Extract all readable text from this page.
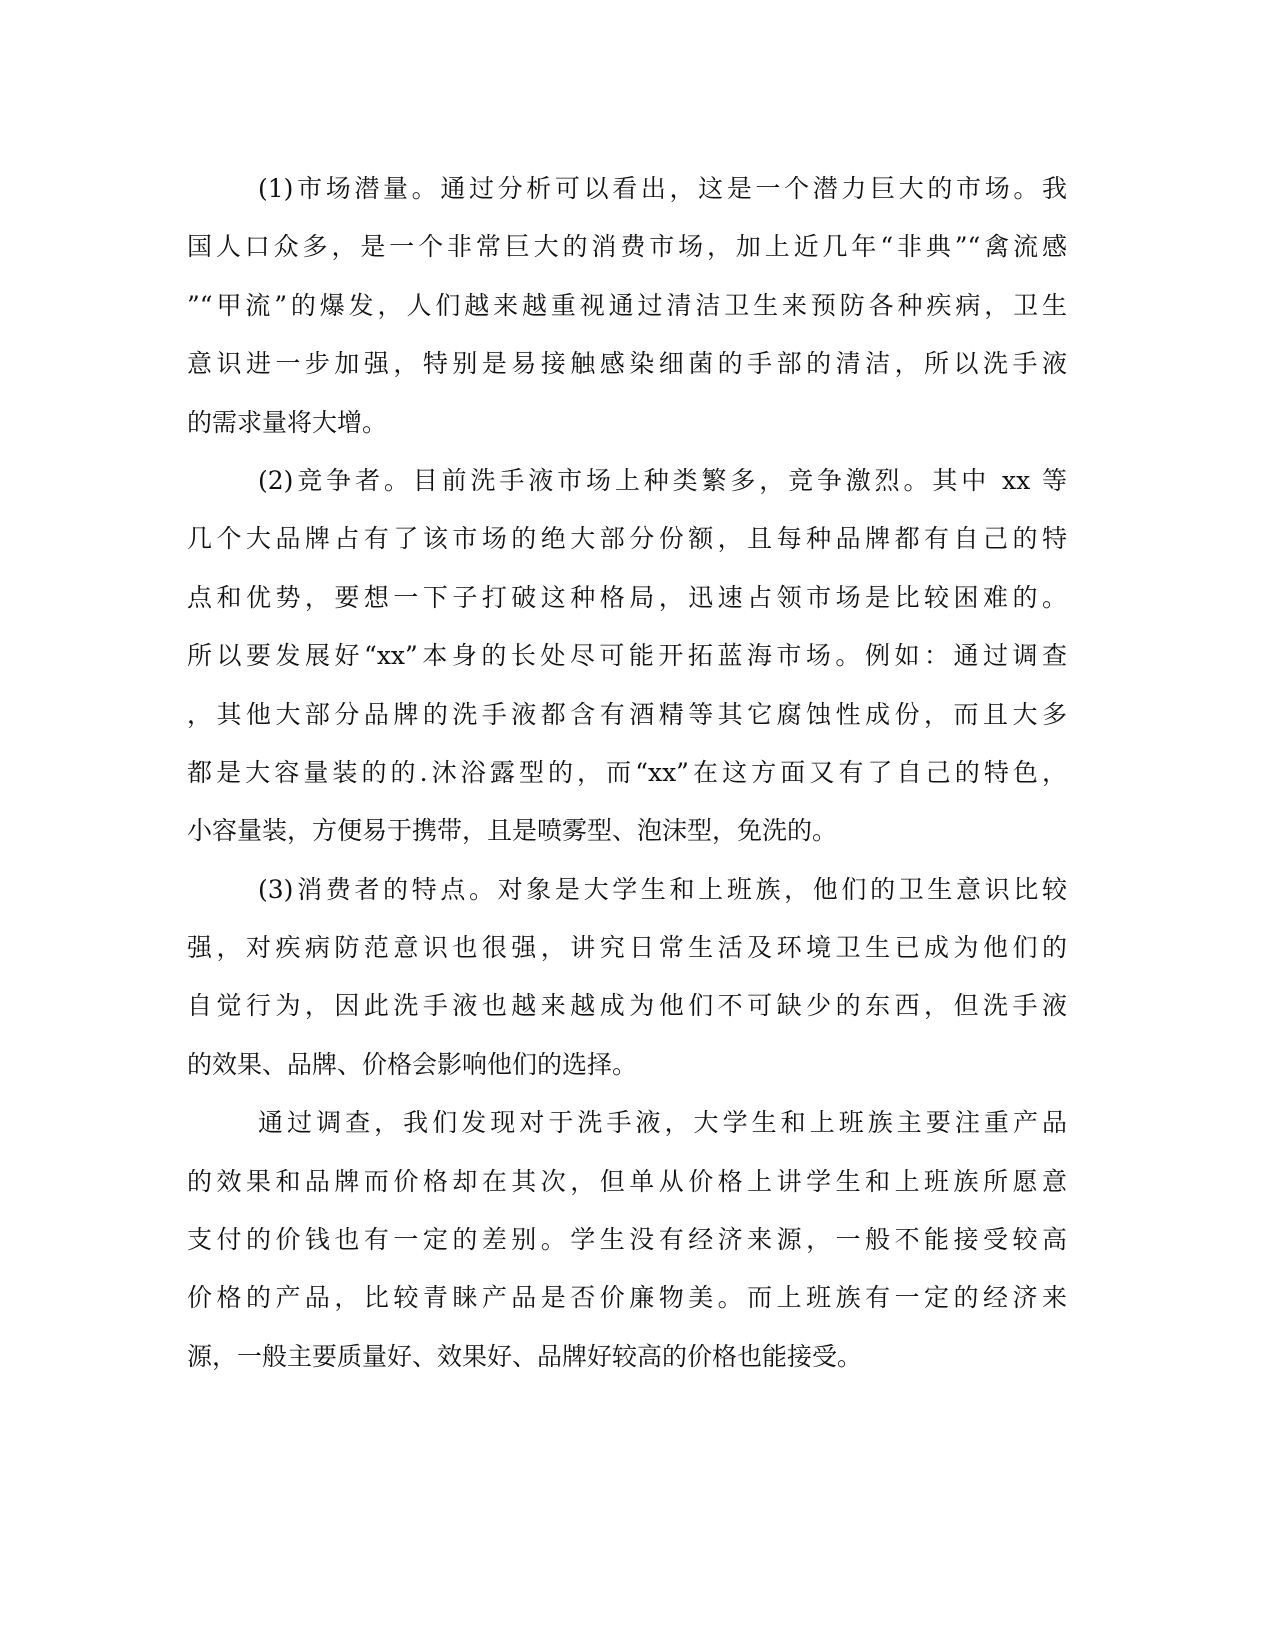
(1)市场潜量。通过分析可以看出，这是一个潜力巨大的市场。我
国人口众多，是一个非常巨大的消费市场，加上近几年“非典”“禽流感
”“甲流”的爆发，人们越来越重视通过清洁卫生来预防各种疾病，卫生
意识进一步加强，特别是易接触感染细菌的手部的清洁，所以洗手液
的需求量将大增。
(2)竞争者。目前洗手液市场上种类繁多，竞争激烈。其中 xx 等
几个大品牌占有了该市场的绝大部分份额，且每种品牌都有自己的特
点和优势，要想一下子打破这种格局，迅速占领市场是比较困难的。
所以要发展好“xx”本身的长处尽可能开拓蓝海市场。例如：通过调查
，其他大部分品牌的洗手液都含有酒精等其它腐蚀性成份，而且大多
都是大容量装的的.沐浴露型的，而“xx”在这方面又有了自己的特色，
小容量装，方便易于携带，且是喷雾型、泡沫型，免洗的。
(3)消费者的特点。对象是大学生和上班族，他们的卫生意识比较
强，对疾病防范意识也很强，讲究日常生活及环境卫生已成为他们的
自觉行为，因此洗手液也越来越成为他们不可缺少的东西，但洗手液
的效果、品牌、价格会影响他们的选择。
通过调查，我们发现对于洗手液，大学生和上班族主要注重产品
的效果和品牌而价格却在其次，但单从价格上讲学生和上班族所愿意
支付的价钱也有一定的差别。学生没有经济来源，一般不能接受较高
价格的产品，比较青睐产品是否价廉物美。而上班族有一定的经济来
源，一般主要质量好、效果好、品牌好较高的价格也能接受。
